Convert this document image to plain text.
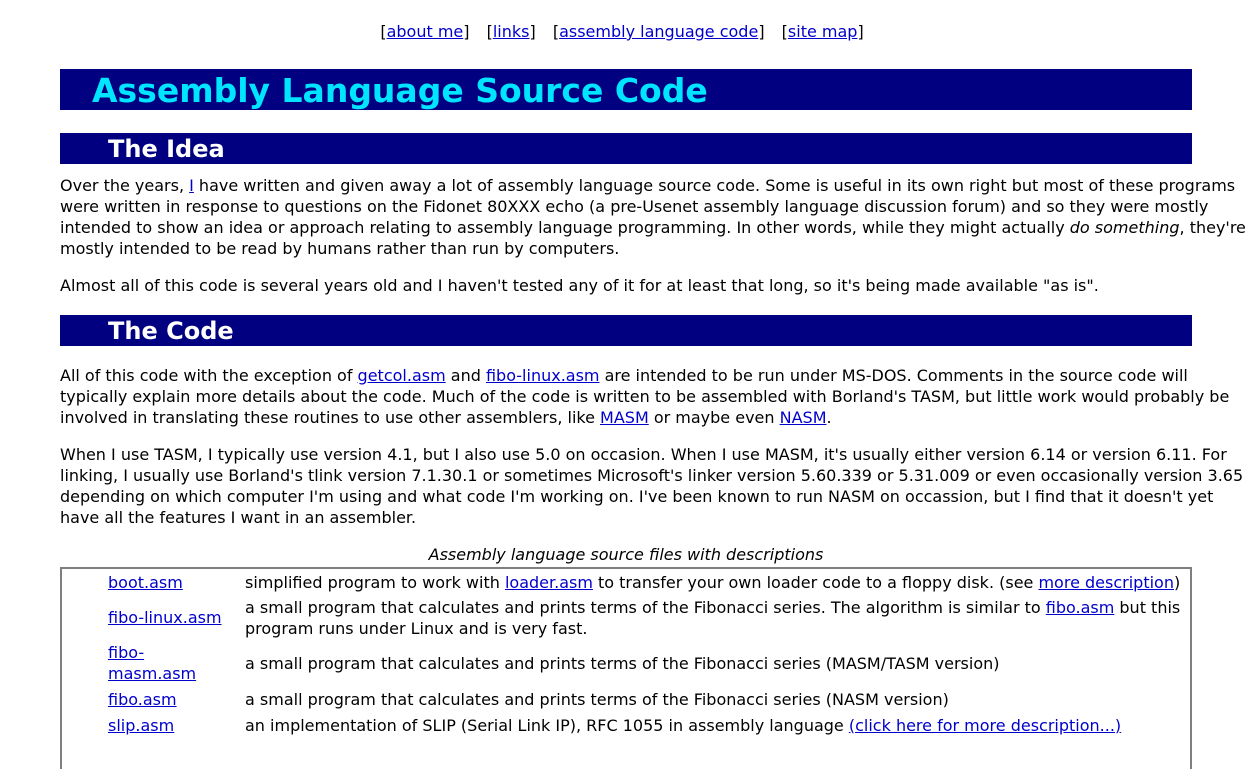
[about me] [links] [assembly language code] [site map]
Assembly Language Source Code
The Idea

Over the years, I have written and given away a lot of assembly language source code. Some is useful in its own right but most of these programs
were written in response to questions on the Fidonet 80XXX echo (a pre-Usenet assembly language discussion forum) and so they were mostly
intended to show an idea or approach relating to assembly language programming. In other words, while they might actually do something, they're
mostly intended to be read by humans rather than run by computers.

Almost all of this code is several years old and I haven't tested any of it for at least that long, so it's being made available "as is".

The Code

All of this code with the exception of getcol.asm and fibo-linux.asm are intended to be run under MS-DOS. Comments in the source code will
typically explain more details about the code. Much of the code is written to be assembled with Borland's TASM, but little work would probably be
involved in translating these routines to use other assemblers, like MASM or maybe even NASM.

When I use TASM, I typically use version 4.1, but I also use 5.0 on occasion. When I use MASM, it's usually either version 6.14 or version 6.11. For
linking, I usually use Borland's tlink version 7.1.30.1 or sometimes Microsoft's linker version 5.60.339 or 5.31.009 or even occasionally version 3.65
depending on which computer I'm using and what code I'm working on. I've been known to run NASM on occassion, but I find that it doesn't yet
have all the features I want in an assembler.

Assembly language source files with descriptions
boot.asm	simplified program to work with loader.asm to transfer your own loader code to a floppy disk. (see more description)
fibo-linux.asm	a small program that calculates and prints terms of the Fibonacci series. The algorithm is similar to fibo.asm but this
program runs under Linux and is very fast.
fibo-
masm.asm	a small program that calculates and prints terms of the Fibonacci series (MASM/TASM version)
fibo.asm	a small program that calculates and prints terms of the Fibonacci series (NASM version)
slip.asm	an implementation of SLIP (Serial Link IP), RFC 1055 in assembly language (click here for more description...)
